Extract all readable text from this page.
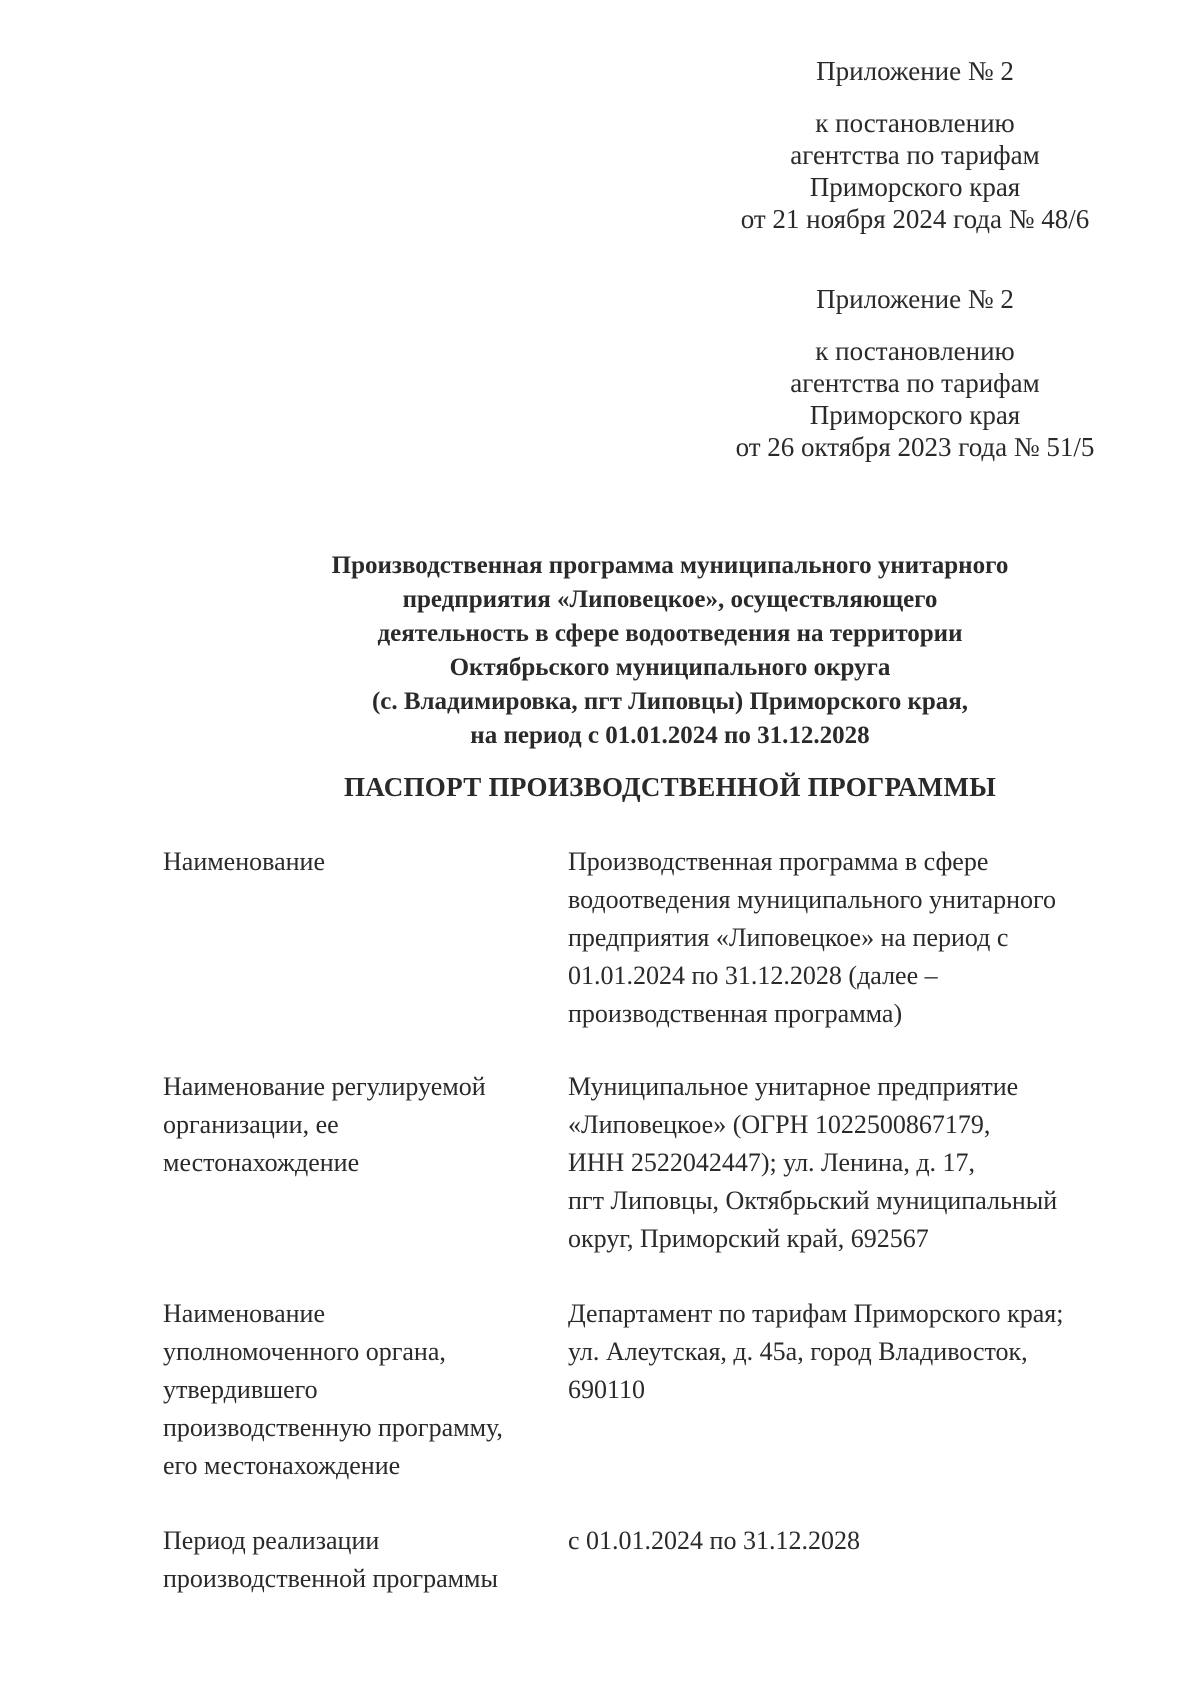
Приложение № 2
к постановлению
агентства по тарифам
Приморского края
от 21 ноября 2024 года № 48/6
Приложение № 2
к постановлению
агентства по тарифам
Приморского края
от 26 октября 2023 года № 51/5
Производственная программа муниципального унитарного
предприятия «Липовецкое», осуществляющего
деятельность в сфере водоотведения на территории
Октябрьского муниципального округа
(с. Владимировка, пгт Липовцы) Приморского края,
на период с 01.01.2024 по 31.12.2028
ПАСПОРТ ПРОИЗВОДСТВЕННОЙ ПРОГРАММЫ
Наименование	Производственная программа в сфере
водоотведения муниципального унитарного
предприятия «Липовецкое» на период с
01.01.2024 по 31.12.2028 (далее –
производственная программа)
Наименование регулируемой
организации, ее
местонахождение
Муниципальное унитарное предприятие
«Липовецкое» (ОГРН 1022500867179,
ИНН 2522042447); ул. Ленина, д. 17,
пгт Липовцы, Октябрьский муниципальный
округ, Приморский край, 692567
Наименование
уполномоченного органа,
утвердившего
производственную программу,
его местонахождение
Департамент по тарифам Приморского края;
ул. Алеутская, д. 45а, город Владивосток,
690110
Период реализации
производственной программы
с 01.01.2024 по 31.12.2028
